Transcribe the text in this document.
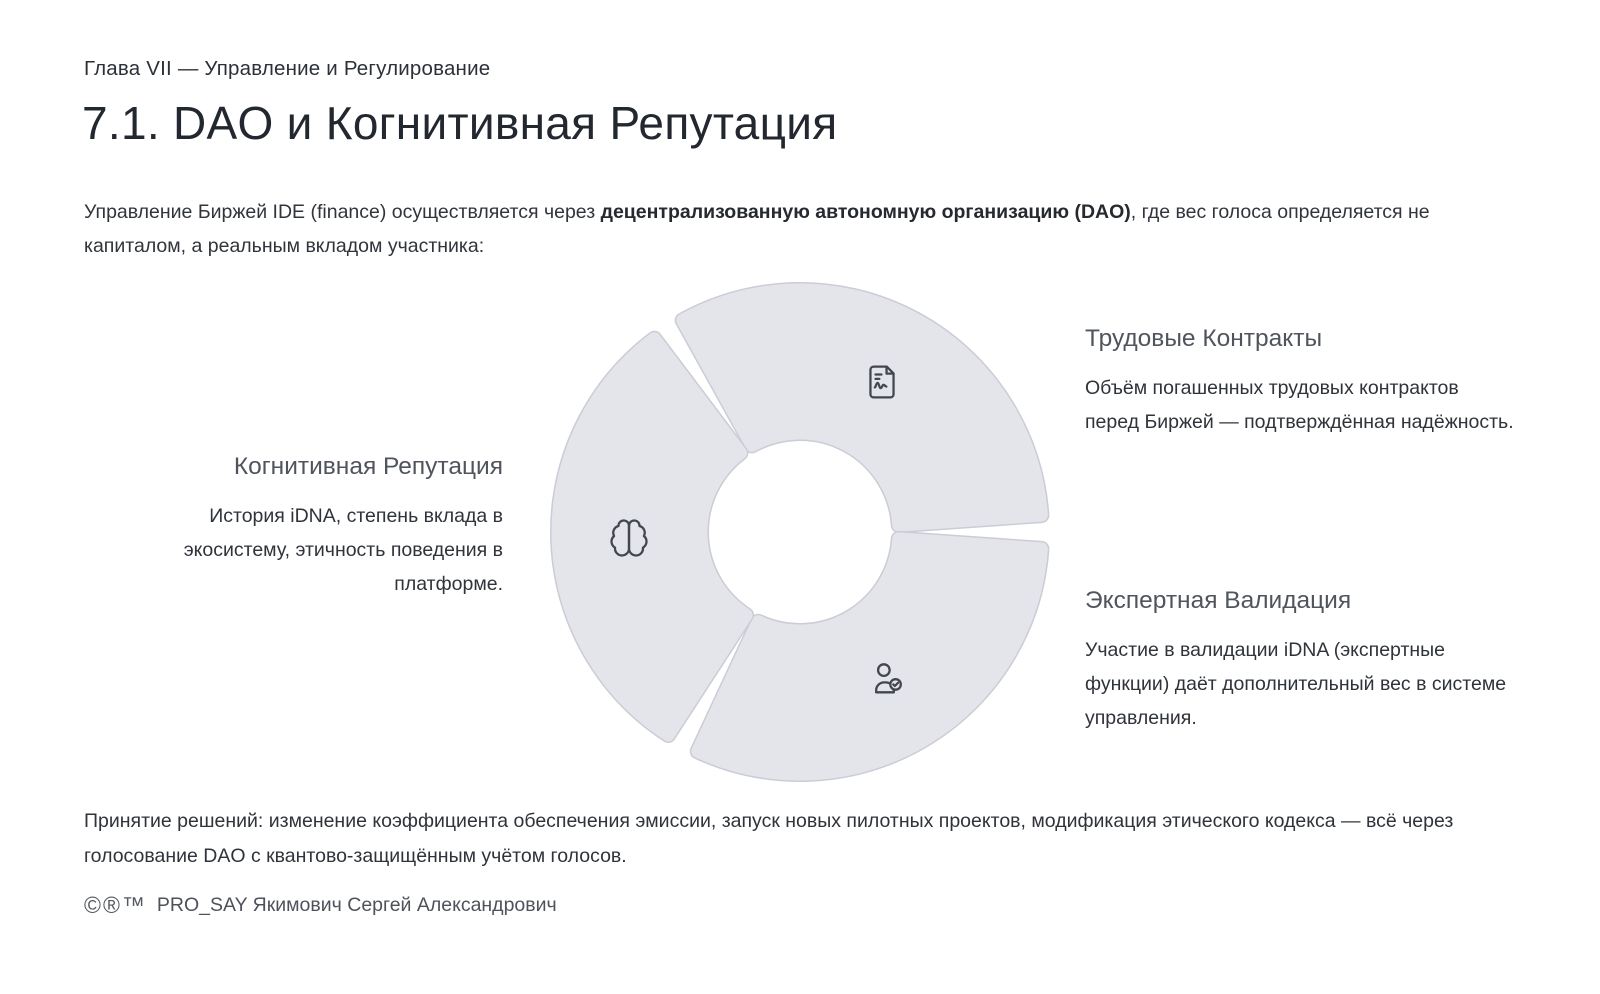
Глава VII — Управление и Регулирование
7.1. DAO и Когнитивная Репутация

Управление Биржей IDE (finance) осуществляется через децентрализованную автономную организацию (DAO), где вес голоса определяется не капиталом, а реальным вкладом участника:

Когнитивная Репутация
История iDNA, степень вклада в экосистему, этичность поведения в платформе.
Трудовые Контракты
Объём погашенных трудовых контрактов перед Биржей — подтверждённая надёжность.
Экспертная Валидация
Участие в валидации iDNA (экспертные функции) даёт дополнительный вес в системе управления.

Принятие решений: изменение коэффициента обеспечения эмиссии, запуск новых пилотных проектов, модификация этического кодекса — всё через голосование DAO с квантово-защищённым учётом голосов.

©®™ PRO_SAY Якимович Сергей Александрович
